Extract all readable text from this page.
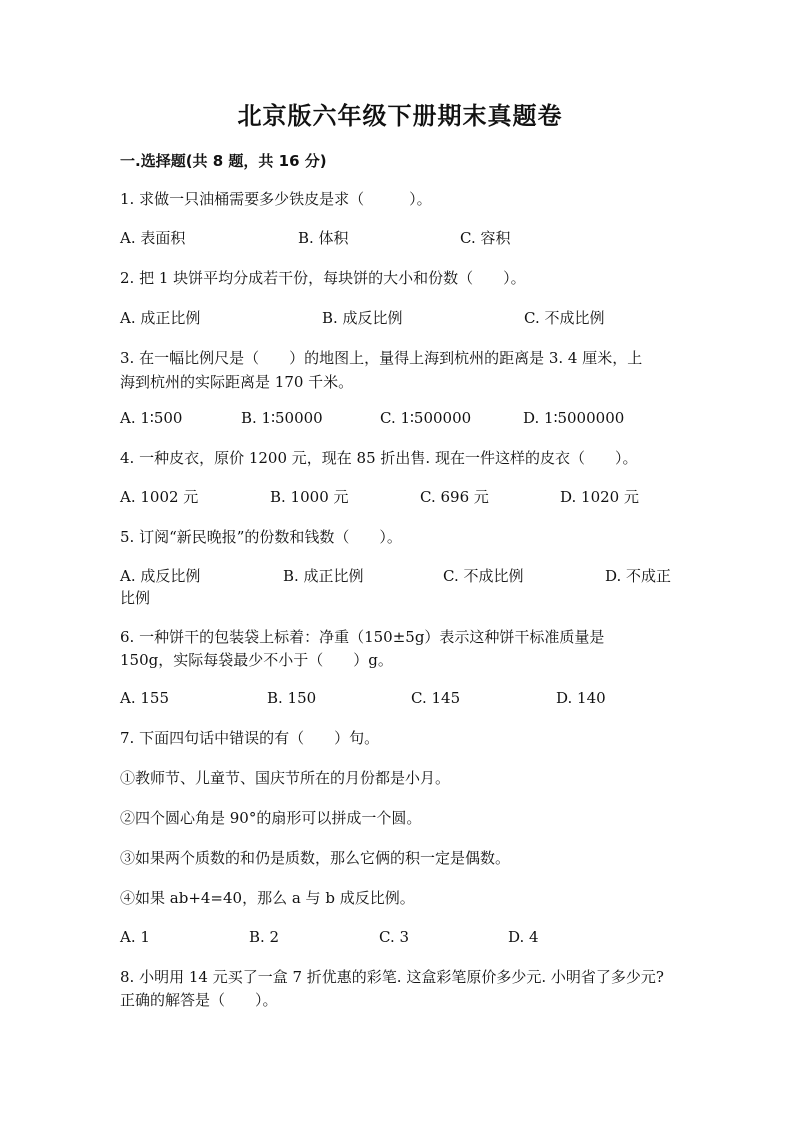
北京版六年级下册期末真题卷
一.选择题(共 8 题，共 16 分)
1. 求做一只油桶需要多少铁皮是求（　　　）。
A. 表面积	B. 体积	C. 容积
2. 把 1 块饼平均分成若干份，每块饼的大小和份数（　　）。
A. 成正比例	B. 成反比例	C. 不成比例
3. 在一幅比例尺是（　　）的地图上，量得上海到杭州的距离是 3. 4 厘米，上
海到杭州的实际距离是 170 千米。
A. 1∶500	B. 1∶50000	C. 1∶500000	D. 1∶5000000
4. 一种皮衣，原价 1200 元，现在 85 折出售. 现在一件这样的皮衣（　　）。
A. 1002 元	B. 1000 元	C. 696 元	D. 1020 元
5. 订阅“新民晚报”的份数和钱数（　　）。
A. 成反比例	B. 成正比例	C. 不成比例	D. 不成正
比例
6. 一种饼干的包装袋上标着：净重（150±5g）表示这种饼干标准质量是
150g，实际每袋最少不小于（　　）g。
A. 155	B. 150	C. 145	D. 140
7. 下面四句话中错误的有（　　）句。
①教师节、儿童节、国庆节所在的月份都是小月。
②四个圆心角是 90°的扇形可以拼成一个圆。
③如果两个质数的和仍是质数，那么它俩的积一定是偶数。
④如果 ab+4=40，那么 a 与 b 成反比例。
A. 1	B. 2	C. 3	D. 4
8. 小明用 14 元买了一盒 7 折优惠的彩笔. 这盒彩笔原价多少元. 小明省了多少元?
正确的解答是（　　）。
